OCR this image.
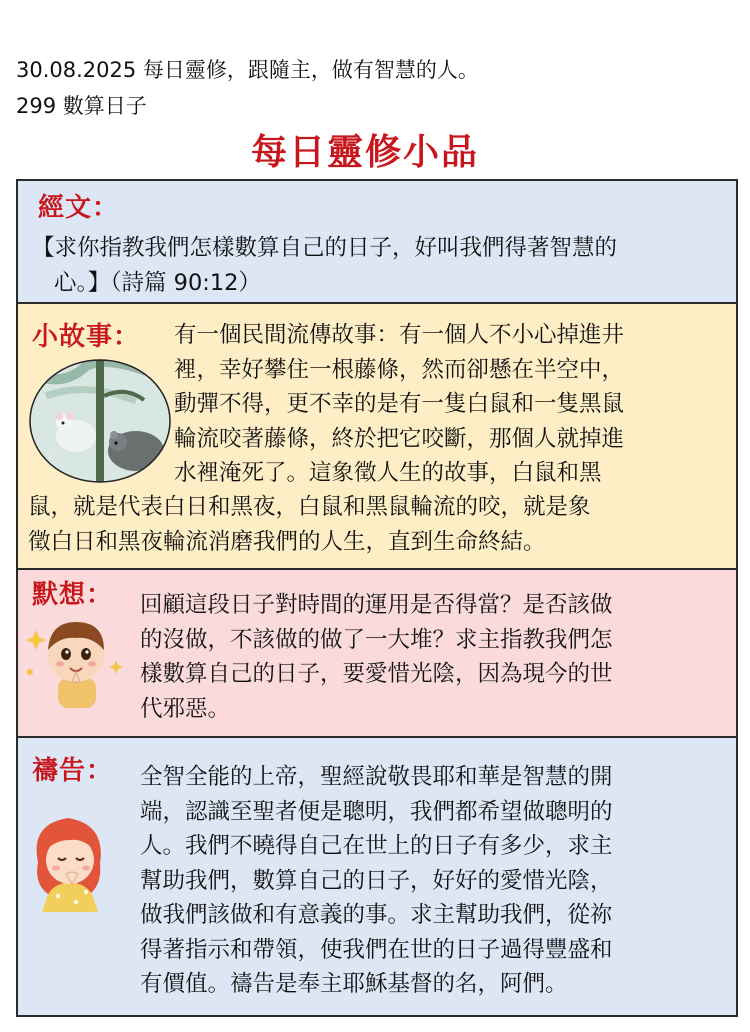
30.08.2025 每日靈修，跟隨主，做有智慧的人。
299 數算日子
每日靈修小品
經文：
【求你指教我們怎樣數算自己的日子，好叫我們得著智慧的
心。】（詩篇 90:12）
小故事： 有一個民間流傳故事：有一個人不小心掉進井
裡，幸好攀住一根藤條，然而卻懸在半空中，
動彈不得，更不幸的是有一隻白鼠和一隻黑鼠
輪流咬著藤條，終於把它咬斷，那個人就掉進
水裡淹死了。這象徵人生的故事，白鼠和黑
鼠，就是代表白日和黑夜，白鼠和黑鼠輪流的咬，就是象
徵白日和黑夜輪流消磨我們的人生，直到生命終結。
默想： 回顧這段日子對時間的運用是否得當？是否該做
的沒做，不該做的做了一大堆？求主指教我們怎
樣數算自己的日子，要愛惜光陰，因為現今的世
代邪惡。
禱告： 全智全能的上帝，聖經說敬畏耶和華是智慧的開
端，認識至聖者便是聰明，我們都希望做聰明的
人。我們不曉得自己在世上的日子有多少，求主
幫助我們，數算自己的日子，好好的愛惜光陰，
做我們該做和有意義的事。求主幫助我們，從祢
得著指示和帶領，使我們在世的日子過得豐盛和
有價值。禱告是奉主耶穌基督的名，阿們。
